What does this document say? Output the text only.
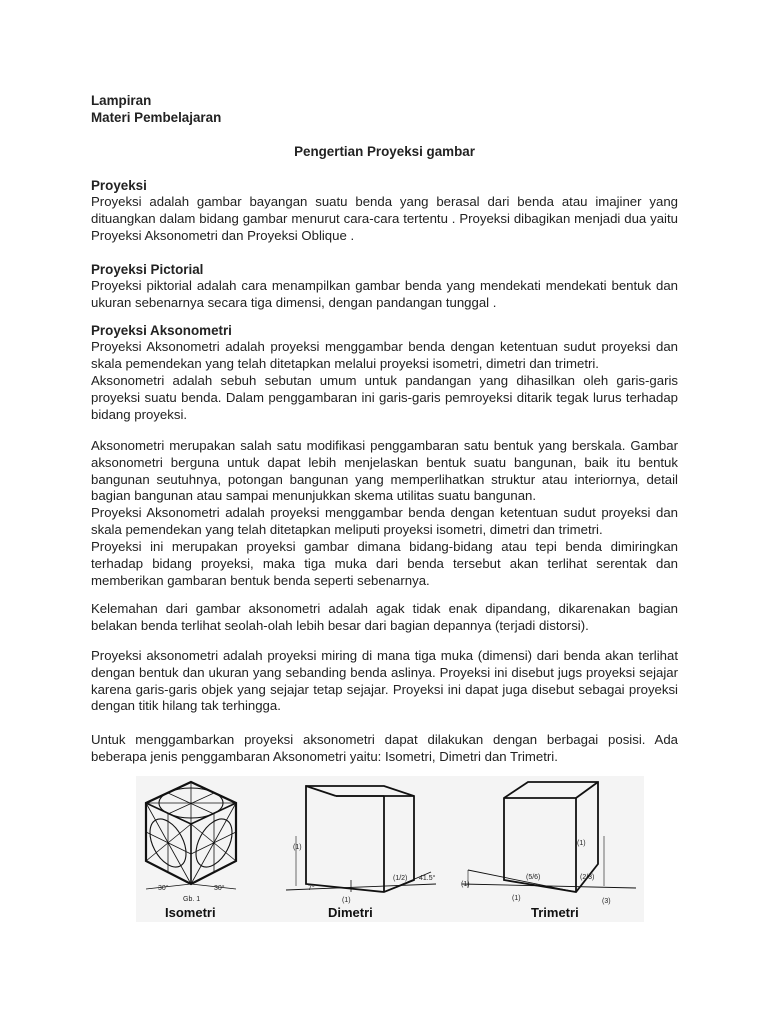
Lampiran
Materi Pembelajaran
Pengertian Proyeksi gambar
Proyeksi
Proyeksi adalah gambar bayangan suatu benda yang berasal dari benda atau imajiner yang dituangkan dalam bidang gambar menurut cara-cara tertentu . Proyeksi dibagikan menjadi dua yaitu Proyeksi Aksonometri dan Proyeksi Oblique .
Proyeksi Pictorial
Proyeksi piktorial adalah cara menampilkan gambar benda yang mendekati mendekati bentuk dan ukuran sebenarnya secara tiga dimensi, dengan pandangan tunggal .
Proyeksi Aksonometri
Proyeksi Aksonometri adalah proyeksi menggambar benda dengan ketentuan sudut proyeksi dan skala pemendekan yang telah ditetapkan melalui proyeksi isometri, dimetri dan trimetri.
Aksonometri adalah sebuh sebutan umum untuk pandangan yang dihasilkan oleh garis-garis proyeksi suatu benda. Dalam penggambaran ini garis-garis pemroyeksi ditarik tegak lurus terhadap bidang proyeksi.
Aksonometri merupakan salah satu modifikasi penggambaran satu bentuk yang berskala. Gambar aksonometri berguna untuk dapat lebih menjelaskan bentuk suatu bangunan, baik itu bentuk bangunan seutuhnya, potongan bangunan yang memperlihatkan struktur atau interiornya, detail bagian bangunan atau sampai menunjukkan skema utilitas suatu bangunan.
Proyeksi Aksonometri adalah proyeksi menggambar benda dengan ketentuan sudut proyeksi dan skala pemendekan yang telah ditetapkan meliputi proyeksi isometri, dimetri dan trimetri.
Proyeksi ini merupakan proyeksi gambar dimana bidang-bidang atau tepi benda dimiringkan terhadap bidang proyeksi, maka tiga muka dari benda tersebut akan terlihat serentak dan memberikan gambaran bentuk benda seperti sebenarnya.
Kelemahan dari gambar aksonometri adalah agak tidak enak dipandang, dikarenakan bagian belakan benda terlihat seolah-olah lebih besar dari bagian depannya (terjadi distorsi).
Proyeksi aksonometri adalah proyeksi miring di mana tiga muka (dimensi) dari benda akan terlihat dengan bentuk dan ukuran yang sebanding benda aslinya. Proyeksi ini disebut jugs proyeksi sejajar karena garis-garis objek yang sejajar tetap sejajar. Proyeksi ini dapat juga disebut sebagai proyeksi dengan titik hilang tak terhingga.
Untuk menggambarkan proyeksi aksonometri dapat dilakukan dengan berbagai posisi. Ada beberapa jenis penggambaran Aksonometri yaitu: Isometri, Dimetri dan Trimetri.
30°	30°
Gb. 1
Isometri
(1)
(1/2)
7°
41.5°
(1)
Dimetri
(1)
(5/6)	(2/3)
(1)
(1)	(3)
Trimetri
